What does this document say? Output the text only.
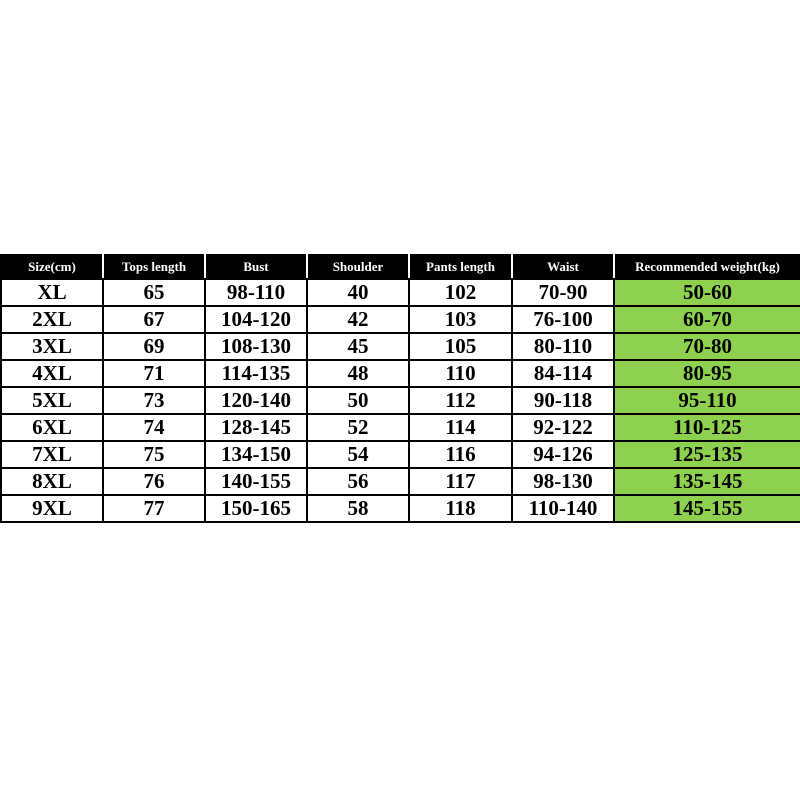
Size(cm)	Tops length	Bust	Shoulder	Pants length	Waist	Recommended weight(kg)
XL	65	98-110	40	102	70-90	50-60
2XL	67	104-120	42	103	76-100	60-70
3XL	69	108-130	45	105	80-110	70-80
4XL	71	114-135	48	110	84-114	80-95
5XL	73	120-140	50	112	90-118	95-110
6XL	74	128-145	52	114	92-122	110-125
7XL	75	134-150	54	116	94-126	125-135
8XL	76	140-155	56	117	98-130	135-145
9XL	77	150-165	58	118	110-140	145-155
